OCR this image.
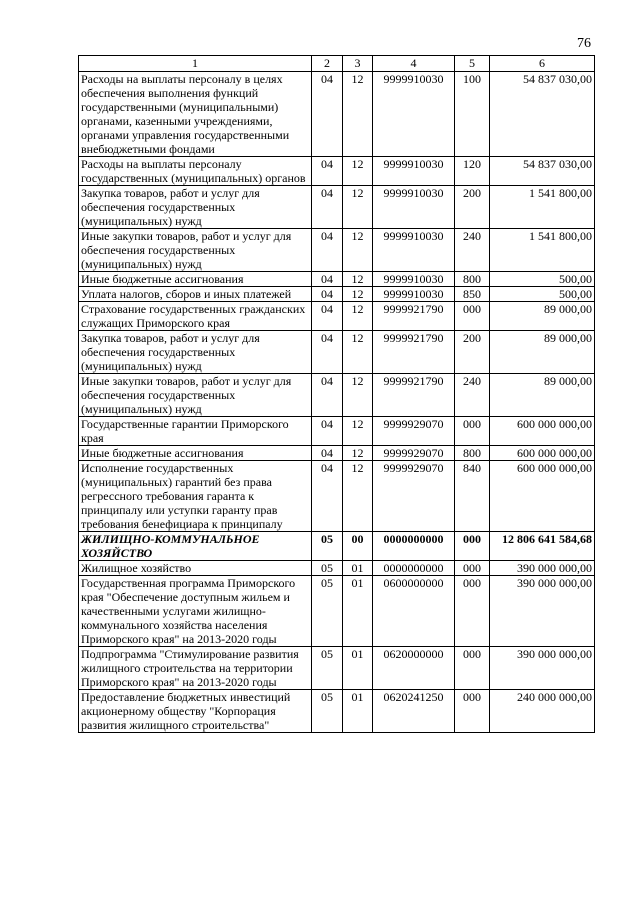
76
1	2	3	4	5	6
Расходы на выплаты персоналу в целях обеспечения выполнения функций государственными (муниципальными) органами, казенными учреждениями, органами управления государственными внебюджетными фондами	04	12	9999910030	100	54 837 030,00
Расходы на выплаты персоналу государственных (муниципальных) органов	04	12	9999910030	120	54 837 030,00
Закупка товаров, работ и услуг для обеспечения государственных (муниципальных) нужд	04	12	9999910030	200	1 541 800,00
Иные закупки товаров, работ и услуг для обеспечения государственных (муниципальных) нужд	04	12	9999910030	240	1 541 800,00
Иные бюджетные ассигнования	04	12	9999910030	800	500,00
Уплата налогов, сборов и иных платежей	04	12	9999910030	850	500,00
Страхование государственных гражданских служащих Приморского края	04	12	9999921790	000	89 000,00
Закупка товаров, работ и услуг для обеспечения государственных (муниципальных) нужд	04	12	9999921790	200	89 000,00
Иные закупки товаров, работ и услуг для обеспечения государственных (муниципальных) нужд	04	12	9999921790	240	89 000,00
Государственные гарантии Приморского края	04	12	9999929070	000	600 000 000,00
Иные бюджетные ассигнования	04	12	9999929070	800	600 000 000,00
Исполнение государственных (муниципальных) гарантий без права регрессного требования гаранта к принципалу или уступки гаранту прав требования бенефициара к принципалу	04	12	9999929070	840	600 000 000,00
ЖИЛИЩНО-КОММУНАЛЬНОЕ ХОЗЯЙСТВО	05	00	0000000000	000	12 806 641 584,68
Жилищное хозяйство	05	01	0000000000	000	390 000 000,00
Государственная программа Приморского края "Обеспечение доступным жильем и качественными услугами жилищно-коммунального хозяйства населения Приморского края" на 2013-2020 годы	05	01	0600000000	000	390 000 000,00
Подпрограмма "Стимулирование развития жилищного строительства на территории Приморского края" на 2013-2020 годы	05	01	0620000000	000	390 000 000,00
Предоставление бюджетных инвестиций акционерному обществу "Корпорация развития жилищного строительства"	05	01	0620241250	000	240 000 000,00
